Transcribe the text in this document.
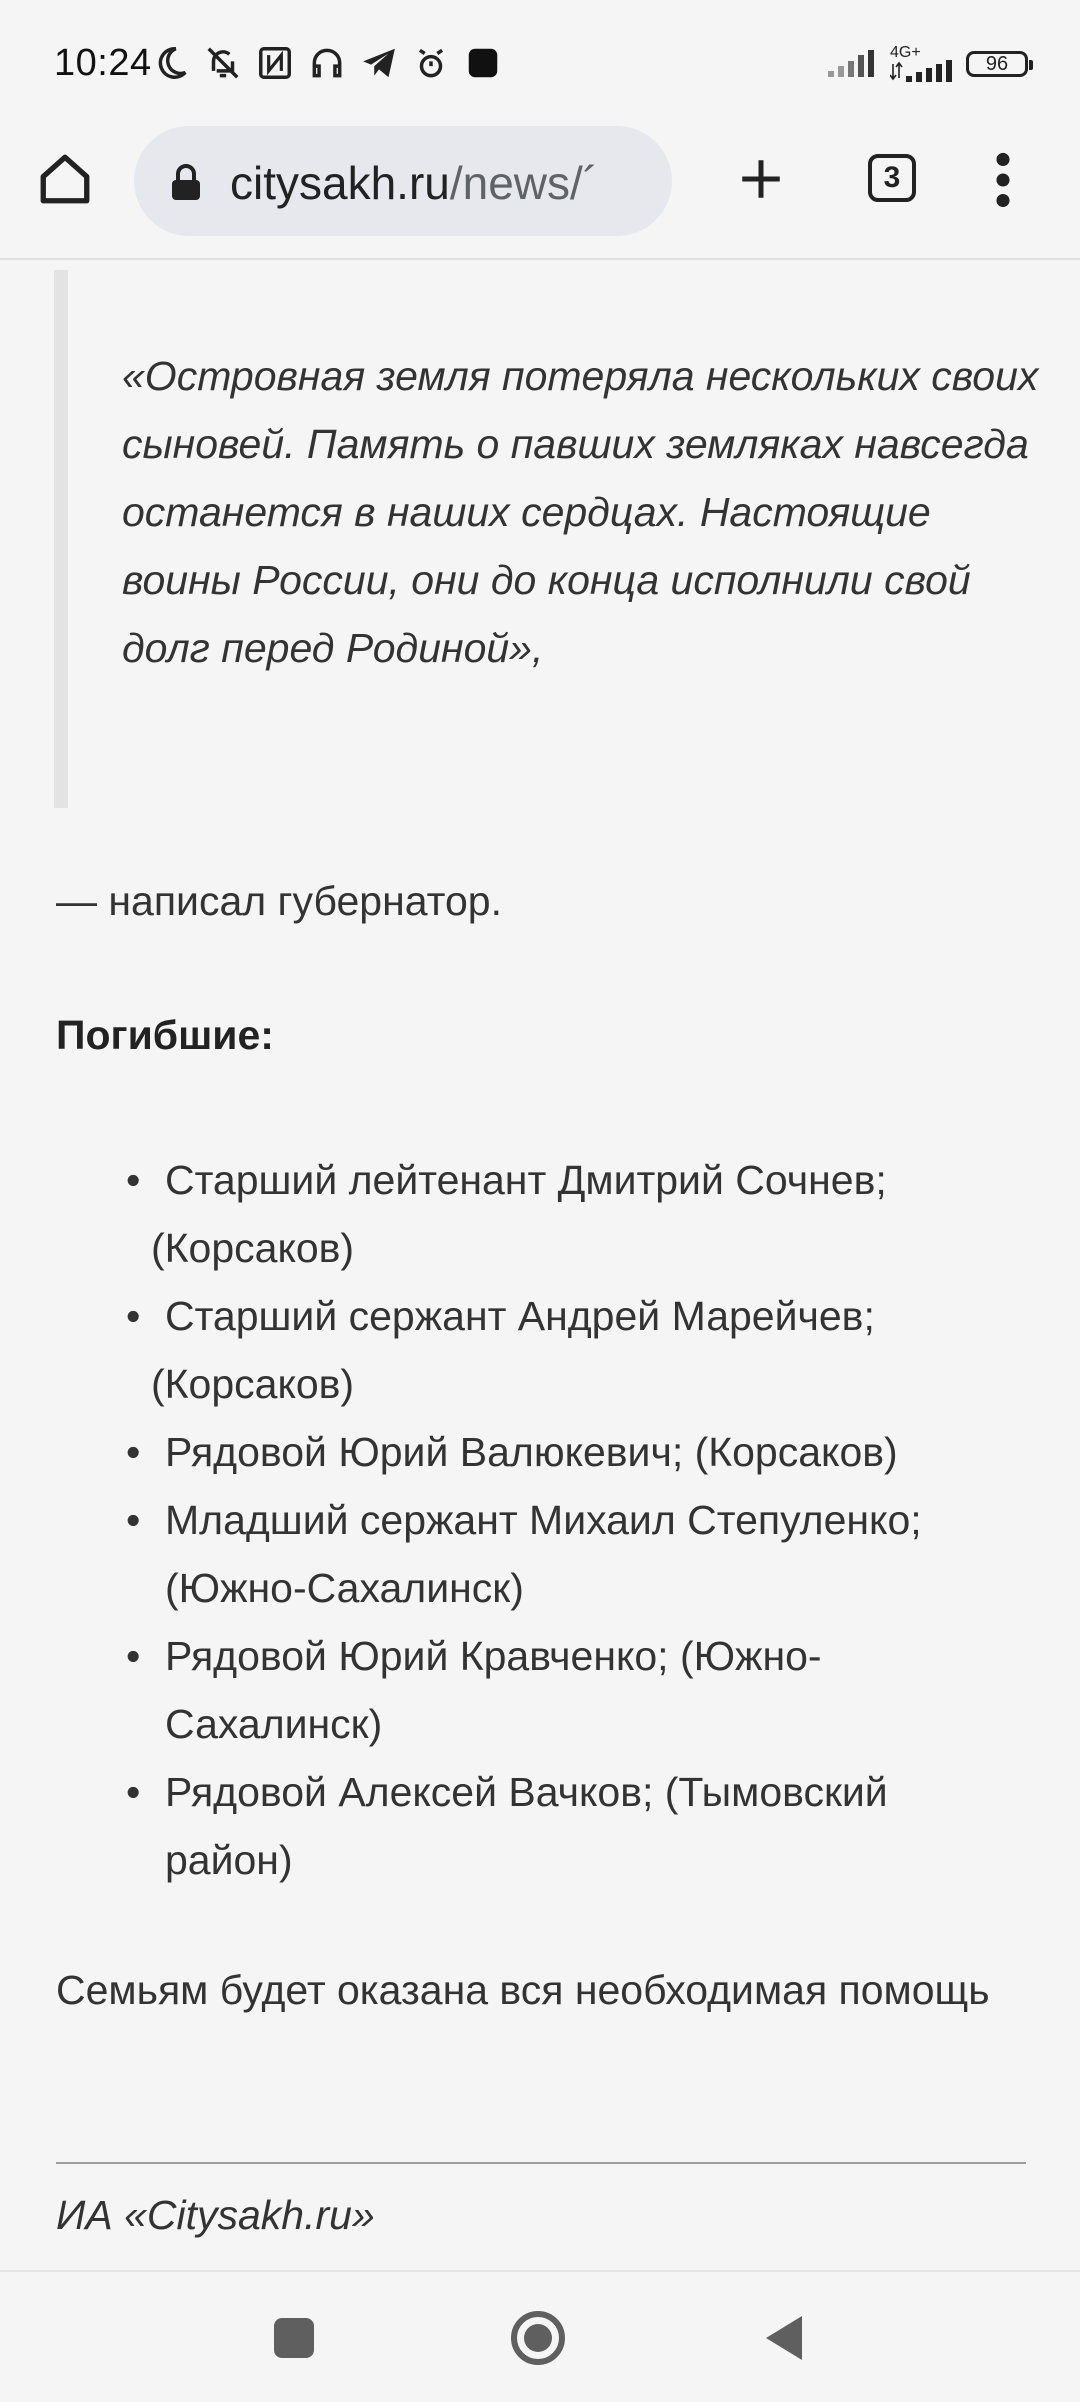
10:24	4G+	96
citysakh.ru/news/´	3
«Островная земля потеряла нескольких своих сыновей. Память о павших земляках навсегда останется в наших сердцах. Настоящие воины России, они до конца исполнили свой долг перед Родиной»,
— написал губернатор.
Погибшие:
• Старший лейтенант Дмитрий Сочнев;
(Корсаков)
• Старший сержант Андрей Марейчев;
(Корсаков)
• Рядовой Юрий Валюкевич; (Корсаков)
• Младший сержант Михаил Степуленко; (Южно-Сахалинск)
• Рядовой Юрий Кравченко; (Южно-Сахалинск)
• Рядовой Алексей Вачков; (Тымовский район)
Семьям будет оказана вся необходимая помощь
ИА «Citysakh.ru»
